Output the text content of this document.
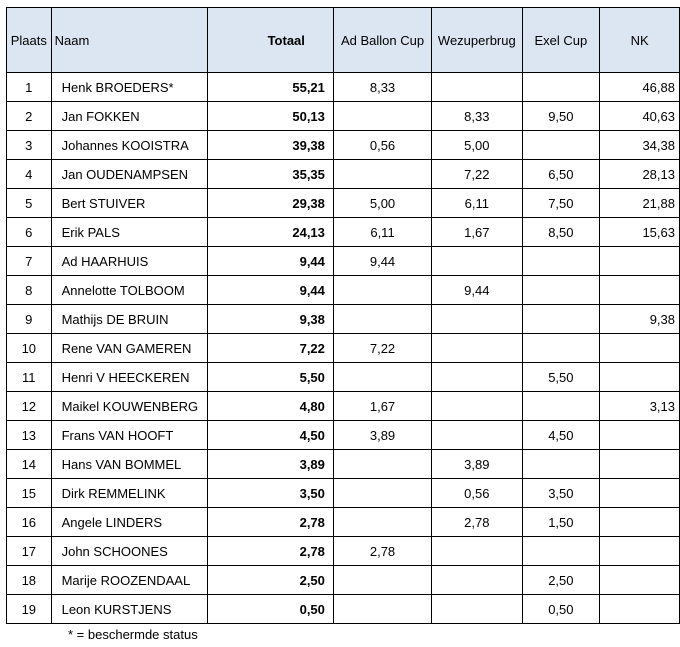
Plaats	Naam	Totaal	Ad Ballon Cup	Wezuperbrug	Exel Cup	NK
1	Henk BROEDERS*	55,21	8,33			46,88
2	Jan FOKKEN	50,13		8,33	9,50	40,63
3	Johannes KOOISTRA	39,38	0,56	5,00		34,38
4	Jan OUDENAMPSEN	35,35		7,22	6,50	28,13
5	Bert STUIVER	29,38	5,00	6,11	7,50	21,88
6	Erik PALS	24,13	6,11	1,67	8,50	15,63
7	Ad HAARHUIS	9,44	9,44			
8	Annelotte TOLBOOM	9,44		9,44		
9	Mathijs DE BRUIN	9,38				9,38
10	Rene VAN GAMEREN	7,22	7,22			
11	Henri V HEECKEREN	5,50			5,50	
12	Maikel KOUWENBERG	4,80	1,67			3,13
13	Frans VAN HOOFT	4,50	3,89		4,50	
14	Hans VAN BOMMEL	3,89		3,89		
15	Dirk REMMELINK	3,50		0,56	3,50	
16	Angele LINDERS	2,78		2,78	1,50	
17	John SCHOONES	2,78	2,78			
18	Marije ROOZENDAAL	2,50			2,50	
19	Leon KURSTJENS	0,50			0,50	
* = beschermde status
